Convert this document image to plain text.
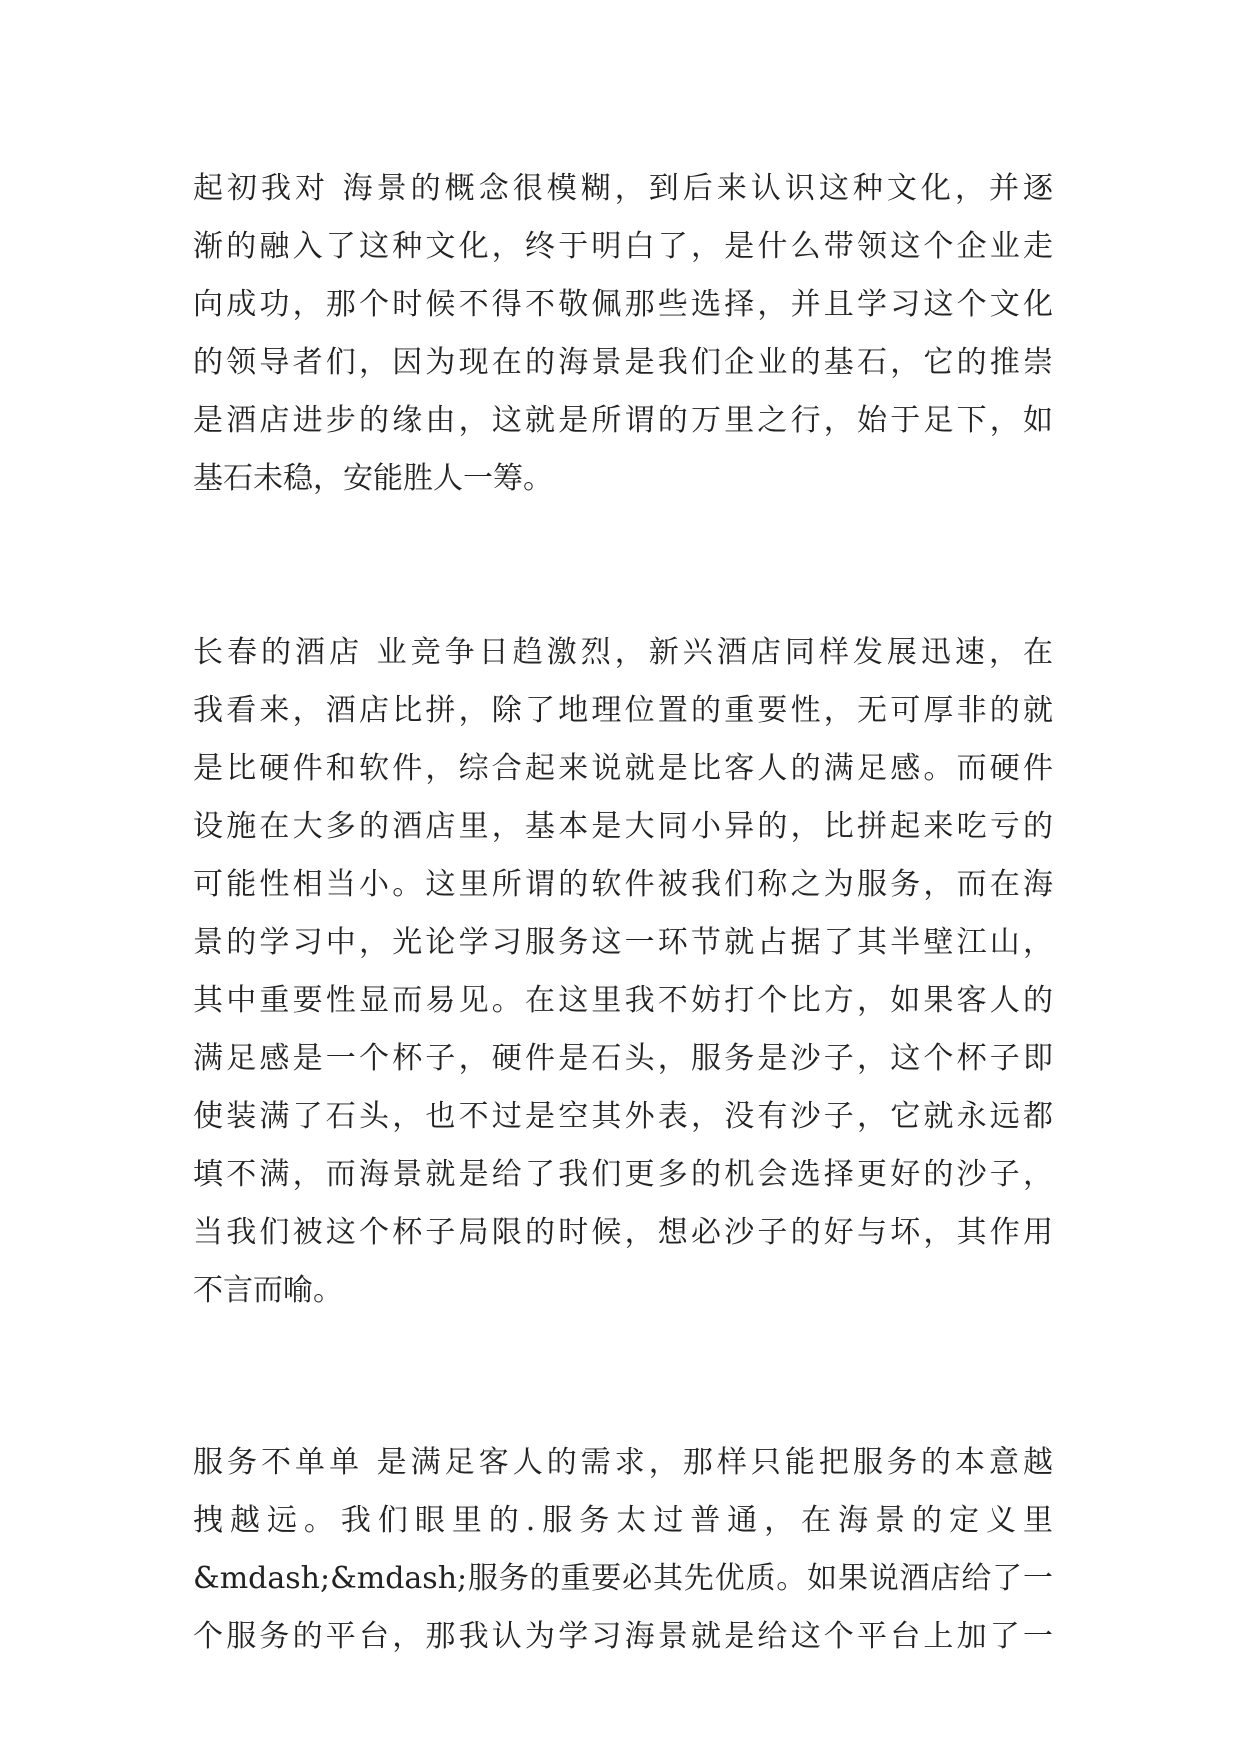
起初我对 海景的概念很模糊，到后来认识这种文化，并逐
渐的融入了这种文化，终于明白了，是什么带领这个企业走
向成功，那个时候不得不敬佩那些选择，并且学习这个文化
的领导者们，因为现在的海景是我们企业的基石，它的推崇
是酒店进步的缘由，这就是所谓的万里之行，始于足下，如
基石未稳，安能胜人一筹。
长春的酒店 业竞争日趋激烈，新兴酒店同样发展迅速，在
我看来，酒店比拼，除了地理位置的重要性，无可厚非的就
是比硬件和软件，综合起来说就是比客人的满足感。而硬件
设施在大多的酒店里，基本是大同小异的，比拼起来吃亏的
可能性相当小。这里所谓的软件被我们称之为服务，而在海
景的学习中，光论学习服务这一环节就占据了其半壁江山，
其中重要性显而易见。在这里我不妨打个比方，如果客人的
满足感是一个杯子，硬件是石头，服务是沙子，这个杯子即
使装满了石头，也不过是空其外表，没有沙子，它就永远都
填不满，而海景就是给了我们更多的机会选择更好的沙子，
当我们被这个杯子局限的时候，想必沙子的好与坏，其作用
不言而喻。
服务不单单 是满足客人的需求，那样只能把服务的本意越
拽越远。我们眼里的.服务太过普通，在海景的定义里
&mdash;&mdash;服务的重要必其先优质。如果说酒店给了一
个服务的平台，那我认为学习海景就是给这个平台上加了一
